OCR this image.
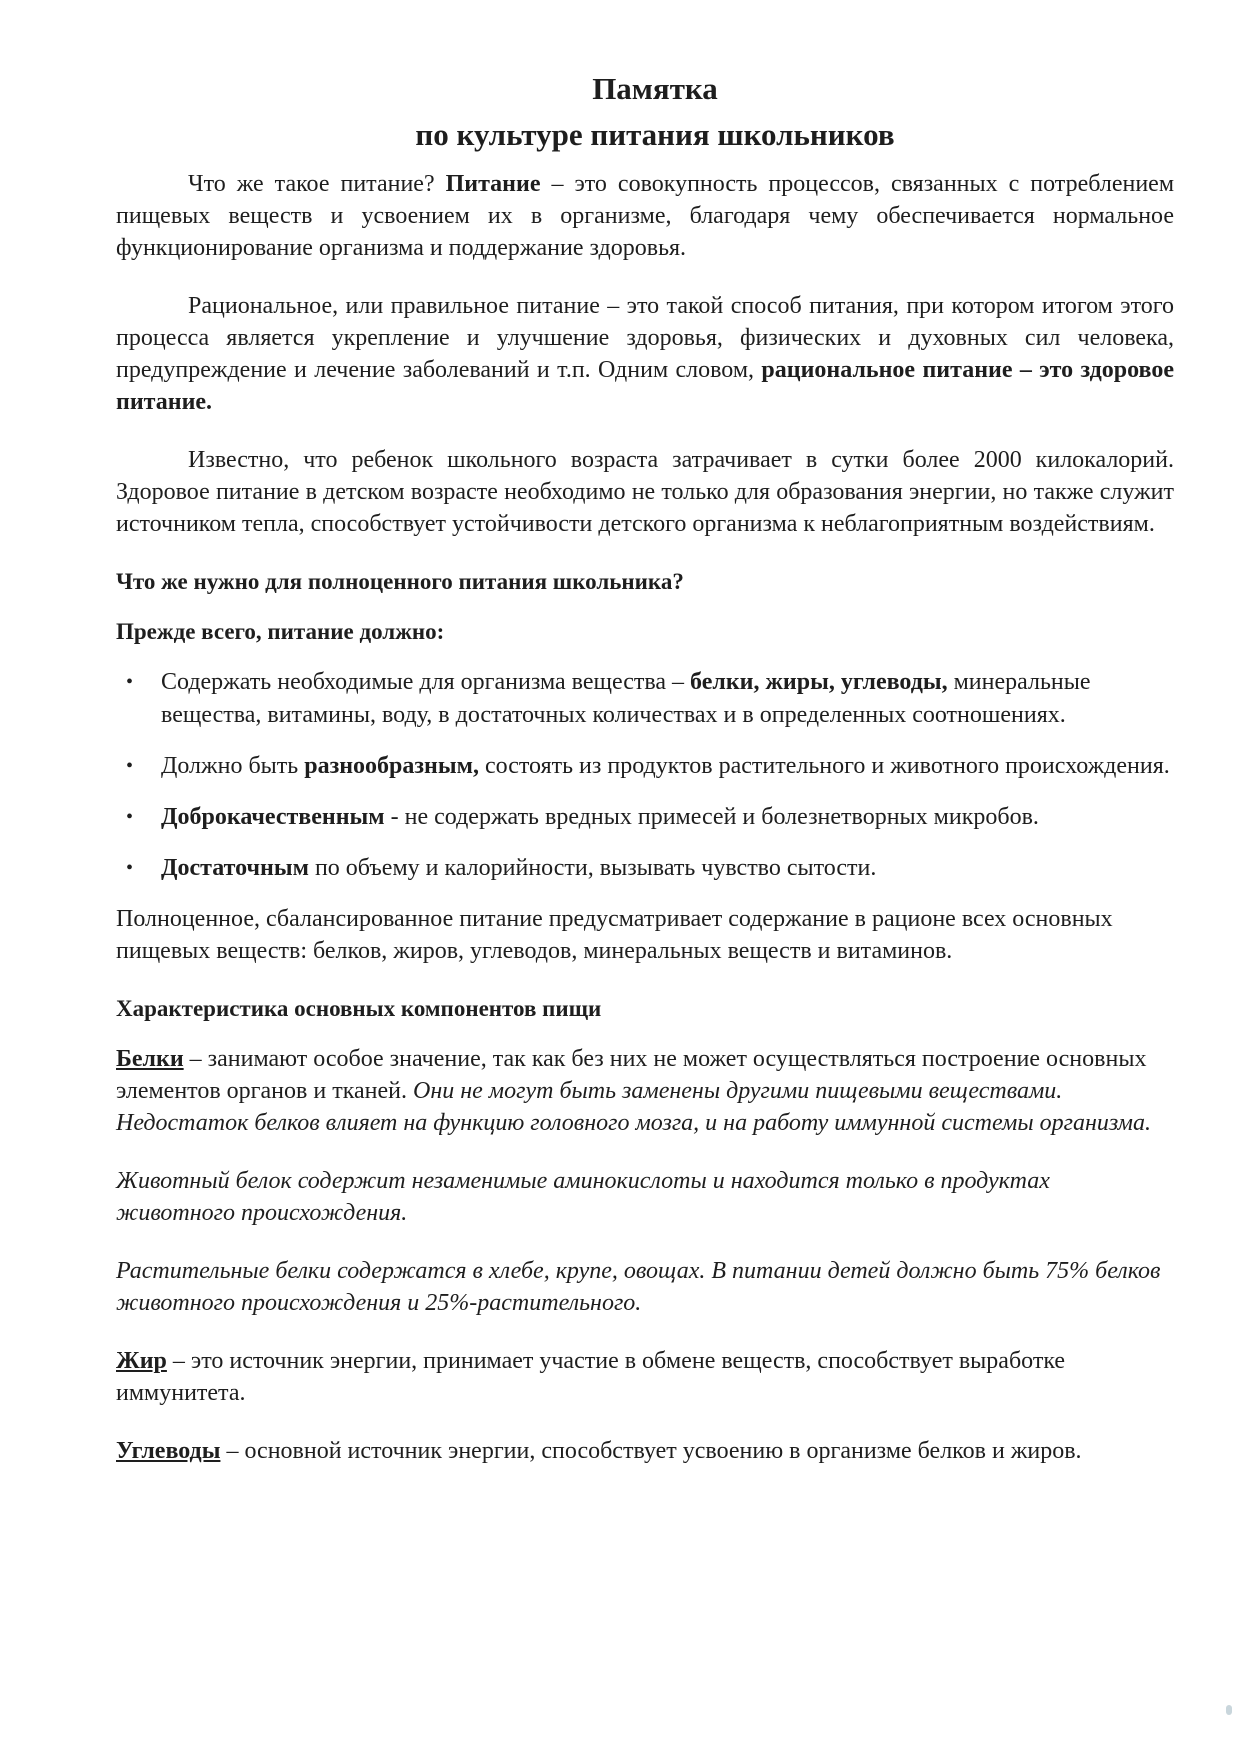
Памятка
по культуре питания школьников

Что же такое питание? Питание – это совокупность процессов, связанных с потреблением пищевых веществ и усвоением их в организме, благодаря чему обеспечивается нормальное функционирование организма и поддержание здоровья.

Рациональное, или правильное питание – это такой способ питания, при котором итогом этого процесса является укрепление и улучшение здоровья, физических и духовных сил человека, предупреждение и лечение заболеваний и т.п. Одним словом, рациональное питание – это здоровое питание.

Известно, что ребенок школьного возраста затрачивает в сутки более 2000 килокалорий. Здоровое питание в детском возрасте необходимо не только для образования энергии, но также служит источником тепла, способствует устойчивости детского организма к неблагоприятным воздействиям.

Что же нужно для полноценного питания школьника?

Прежде всего, питание должно:

• Содержать необходимые для организма вещества – белки, жиры, углеводы, минеральные вещества, витамины, воду, в достаточных количествах и в определенных соотношениях.
• Должно быть разнообразным, состоять из продуктов растительного и животного происхождения.
• Доброкачественным - не содержать вредных примесей и болезнетворных микробов.
• Достаточным по объему и калорийности, вызывать чувство сытости.

Полноценное, сбалансированное питание предусматривает содержание в рационе всех основных пищевых веществ: белков, жиров, углеводов, минеральных веществ и витаминов.

Характеристика основных компонентов пищи

Белки – занимают особое значение, так как без них не может осуществляться построение основных элементов органов и тканей. Они не могут быть заменены другими пищевыми веществами. Недостаток белков влияет на функцию головного мозга, и на работу иммунной системы организма.

Животный белок содержит незаменимые аминокислоты и находится только в продуктах животного происхождения.

Растительные белки содержатся в хлебе, крупе, овощах. В питании детей должно быть 75% белков животного происхождения и 25%-растительного.

Жир – это источник энергии, принимает участие в обмене веществ, способствует выработке иммунитета.

Углеводы – основной источник энергии, способствует усвоению в организме белков и жиров.
